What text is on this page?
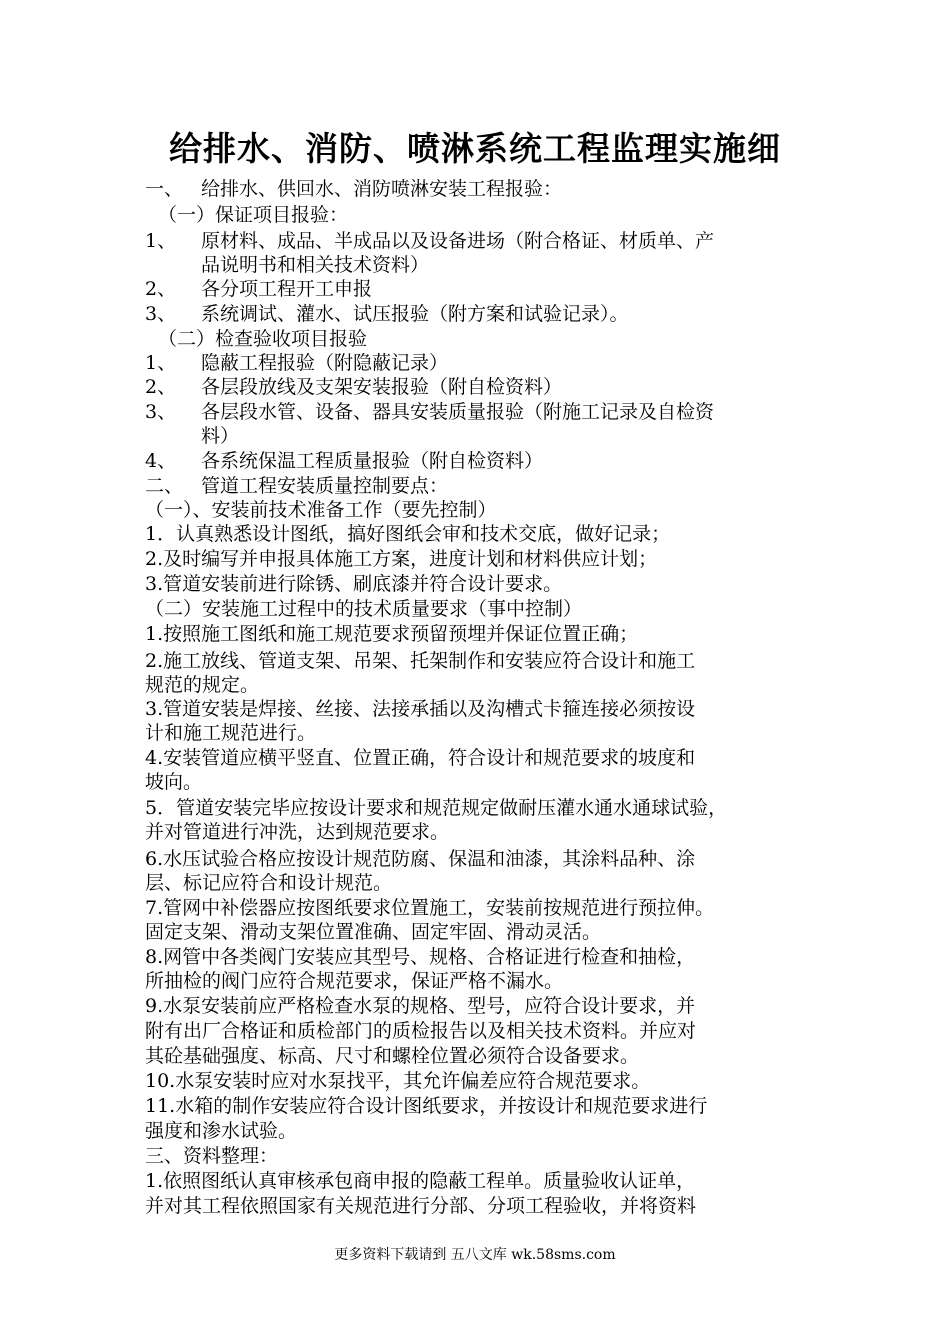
给排水、消防、喷淋系统工程监理实施细
一、 给排水、供回水、消防喷淋安装工程报验：
（一）保证项目报验：
1、 原材料、成品、半成品以及设备进场（附合格证、材质单、产
品说明书和相关技术资料）
2、 各分项工程开工申报
3、 系统调试、灌水、试压报验（附方案和试验记录）。
（二）检查验收项目报验
1、 隐蔽工程报验（附隐蔽记录）
2、 各层段放线及支架安装报验（附自检资料）
3、 各层段水管、设备、器具安装质量报验（附施工记录及自检资
料）
4、 各系统保温工程质量报验（附自检资料）
二、 管道工程安装质量控制要点：
（一）、安装前技术准备工作（要先控制）
1．认真熟悉设计图纸，搞好图纸会审和技术交底，做好记录；
2.及时编写并申报具体施工方案，进度计划和材料供应计划；
3.管道安装前进行除锈、刷底漆并符合设计要求。
（二）安装施工过程中的技术质量要求（事中控制）
1.按照施工图纸和施工规范要求预留预埋并保证位置正确；
2.施工放线、管道支架、吊架、托架制作和安装应符合设计和施工
规范的规定。
3.管道安装是焊接、丝接、法接承插以及沟槽式卡箍连接必须按设
计和施工规范进行。
4.安装管道应横平竖直、位置正确，符合设计和规范要求的坡度和
坡向。
5．管道安装完毕应按设计要求和规范规定做耐压灌水通水通球试验，
并对管道进行冲洗，达到规范要求。
6.水压试验合格应按设计规范防腐、保温和油漆，其涂料品种、涂
层、标记应符合和设计规范。
7.管网中补偿器应按图纸要求位置施工，安装前按规范进行预拉伸。
固定支架、滑动支架位置准确、固定牢固、滑动灵活。
8.网管中各类阀门安装应其型号、规格、合格证进行检查和抽检，
所抽检的阀门应符合规范要求，保证严格不漏水。
9.水泵安装前应严格检查水泵的规格、型号，应符合设计要求，并
附有出厂合格证和质检部门的质检报告以及相关技术资料。并应对
其砼基础强度、标高、尺寸和螺栓位置必须符合设备要求。
10.水泵安装时应对水泵找平，其允许偏差应符合规范要求。
11.水箱的制作安装应符合设计图纸要求，并按设计和规范要求进行
强度和渗水试验。
三、资料整理：
1.依照图纸认真审核承包商申报的隐蔽工程单。质量验收认证单，
并对其工程依照国家有关规范进行分部、分项工程验收，并将资料
更多资料下载请到 五八文库 wk.58sms.com
